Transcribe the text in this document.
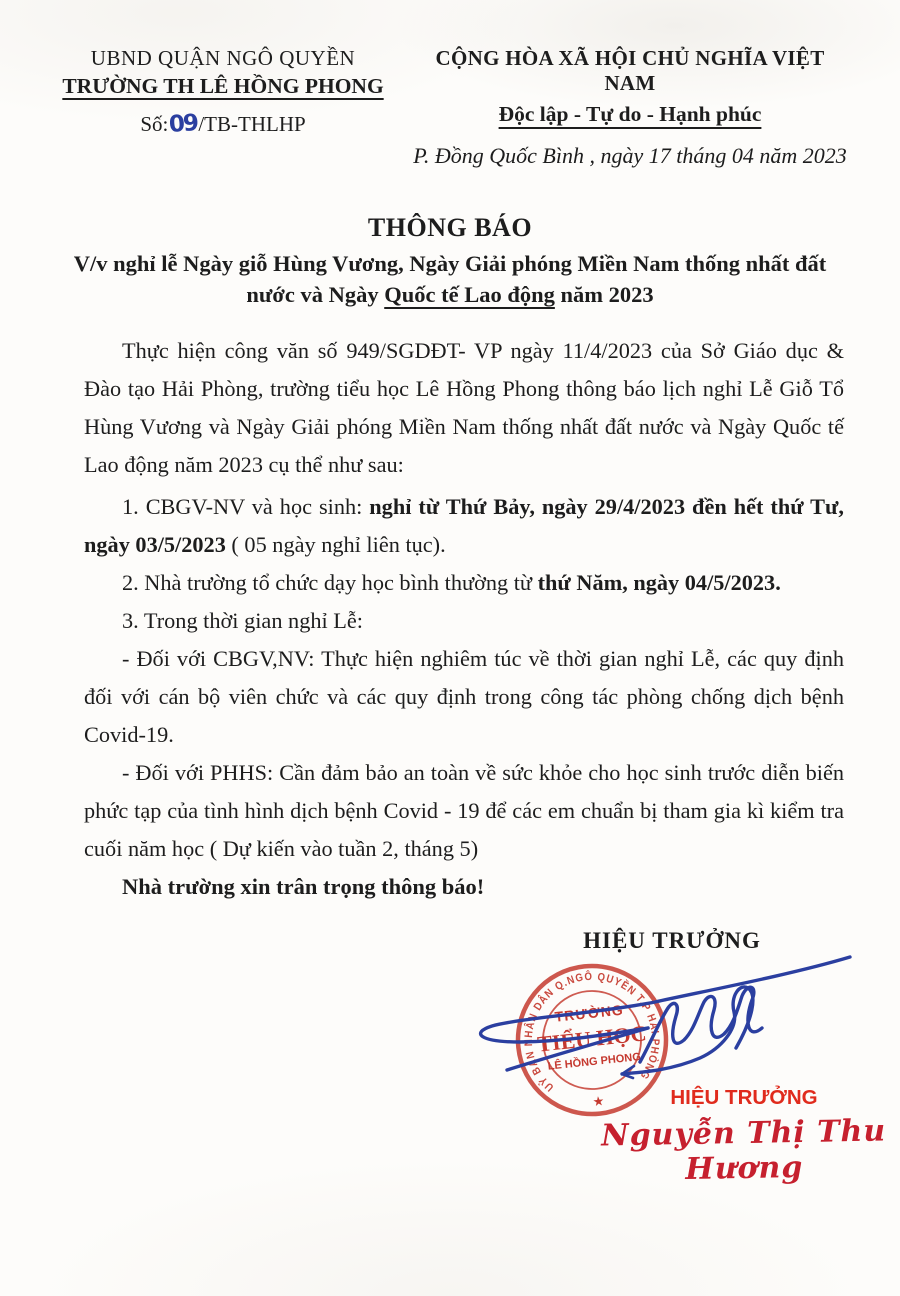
UBND QUẬN NGÔ QUYỀN
TRƯỜNG TH LÊ HỒNG PHONG
Số:09/TB-THLHP
CỘNG HÒA XÃ HỘI CHỦ NGHĨA VIỆT NAM
Độc lập - Tự do - Hạnh phúc
P. Đồng Quốc Bình , ngày 17 tháng 04 năm 2023
THÔNG BÁO
V/v nghỉ lễ Ngày giỗ Hùng Vương, Ngày Giải phóng Miền Nam thống nhất đất
nước và Ngày Quốc tế Lao động năm 2023

Thực hiện công văn số 949/SGDĐT- VP ngày 11/4/2023 của Sở Giáo dục & Đào tạo Hải Phòng, trường tiểu học Lê Hồng Phong thông báo lịch nghỉ Lễ Giỗ Tổ Hùng Vương và Ngày Giải phóng Miền Nam thống nhất đất nước và Ngày Quốc tế Lao động năm 2023 cụ thể như sau:

1. CBGV-NV và học sinh: nghỉ từ Thứ Bảy, ngày 29/4/2023 đền hết thứ Tư, ngày 03/5/2023 ( 05 ngày nghỉ liên tục).

2. Nhà trường tổ chức dạy học bình thường từ thứ Năm, ngày 04/5/2023.

3. Trong thời gian nghỉ Lễ:

- Đối với CBGV,NV: Thực hiện nghiêm túc về thời gian nghỉ Lễ, các quy định đối với cán bộ viên chức và các quy định trong công tác phòng chống dịch bệnh Covid-19.

- Đối với PHHS: Cần đảm bảo an toàn về sức khỏe cho học sinh trước diễn biến phức tạp của tình hình dịch bệnh Covid - 19 để các em chuẩn bị tham gia kì kiểm tra cuối năm học ( Dự kiến vào tuần 2, tháng 5)

Nhà trường xin trân trọng thông báo!

HIỆU TRƯỞNG
UỶ BAN NHÂN DÂN Q.NGÔ QUYỀN T.P HẢI PHÒNG
★
TRƯỜNG
TIỂU HỌC
LÊ HỒNG PHONG
HIỆU TRƯỞNG
Nguyễn Thị Thu Hương
